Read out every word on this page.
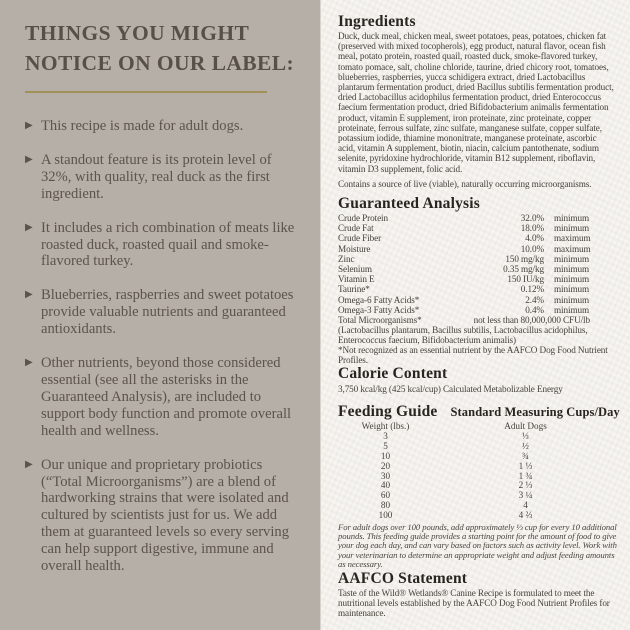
THINGS YOU MIGHT
NOTICE ON OUR LABEL:
▶ This recipe is made for adult dogs.
▶ A standout feature is its protein level of 32%, with quality, real duck as the first ingredient.
▶ It includes a rich combination of meats like roasted duck, roasted quail and smoke-flavored turkey.
▶ Blueberries, raspberries and sweet potatoes provide valuable nutrients and guaranteed antioxidants.
▶ Other nutrients, beyond those considered essential (see all the asterisks in the Guaranteed Analysis), are included to support body function and promote overall health and wellness.
▶ Our unique and proprietary probiotics (“Total Microorganisms”) are a blend of hardworking strains that were isolated and cultured by scientists just for us. We add them at guaranteed levels so every serving can help support digestive, immune and overall health.
Ingredients

Duck, duck meal, chicken meal, sweet potatoes, peas, potatoes, chicken fat (preserved with mixed tocopherols), egg product, natural flavor, ocean fish meal, potato protein, roasted quail, roasted duck, smoke-flavored turkey, tomato pomace, salt, choline chloride, taurine, dried chicory root, tomatoes, blueberries, raspberries, yucca schidigera extract, dried Lactobacillus plantarum fermentation product, dried Bacillus subtilis fermentation product, dried Lactobacillus acidophilus fermentation product, dried Enterococcus faecium fermentation product, dried Bifidobacterium animalis fermentation product, vitamin E supplement, iron proteinate, zinc proteinate, copper proteinate, ferrous sulfate, zinc sulfate, manganese sulfate, copper sulfate, potassium iodide, thiamine mononitrate, manganese proteinate, ascorbic acid, vitamin A supplement, biotin, niacin, calcium pantothenate, sodium selenite, pyridoxine hydrochloride, vitamin B12 supplement, riboflavin, vitamin D3 supplement, folic acid.

Contains a source of live (viable), naturally occurring microorganisms.

Guaranteed Analysis
Crude Protein	32.0% minimum
Crude Fat	18.0% minimum
Crude Fiber	4.0% maximum
Moisture	10.0% maximum
Zinc	150 mg/kg minimum
Selenium	0.35 mg/kg minimum
Vitamin E	150 IU/kg minimum
Taurine*	0.12% minimum
Omega-6 Fatty Acids*	2.4% minimum
Omega-3 Fatty Acids*	0.4% minimum
Total Microorganisms*	not less than 80,000,000 CFU/lb

(Lactobacillus plantarum, Bacillus subtilis, Lactobacillus acidophilus, Enterococcus faecium, Bifidobacterium animalis)

*Not recognized as an essential nutrient by the AAFCO Dog Food Nutrient Profiles.

Calorie Content

3,750 kcal/kg (425 kcal/cup) Calculated Metabolizable Energy

Feeding Guide Standard Measuring Cups/Day
Weight (lbs.)	Adult Dogs
3	⅓
5	½
10	¾
20	1 ⅓
30	1 ¾
40	2 ⅓
60	3 ¼
80	4
100	4 ⅔

For adult dogs over 100 pounds, add approximately ⅓ cup for every 10 additional pounds. This feeding guide provides a starting point for the amount of food to give your dog each day, and can vary based on factors such as activity level. Work with your veterinarian to determine an appropriate weight and adjust feeding amounts as necessary.

AAFCO Statement

Taste of the Wild® Wetlands® Canine Recipe is formulated to meet the nutritional levels established by the AAFCO Dog Food Nutrient Profiles for maintenance.
